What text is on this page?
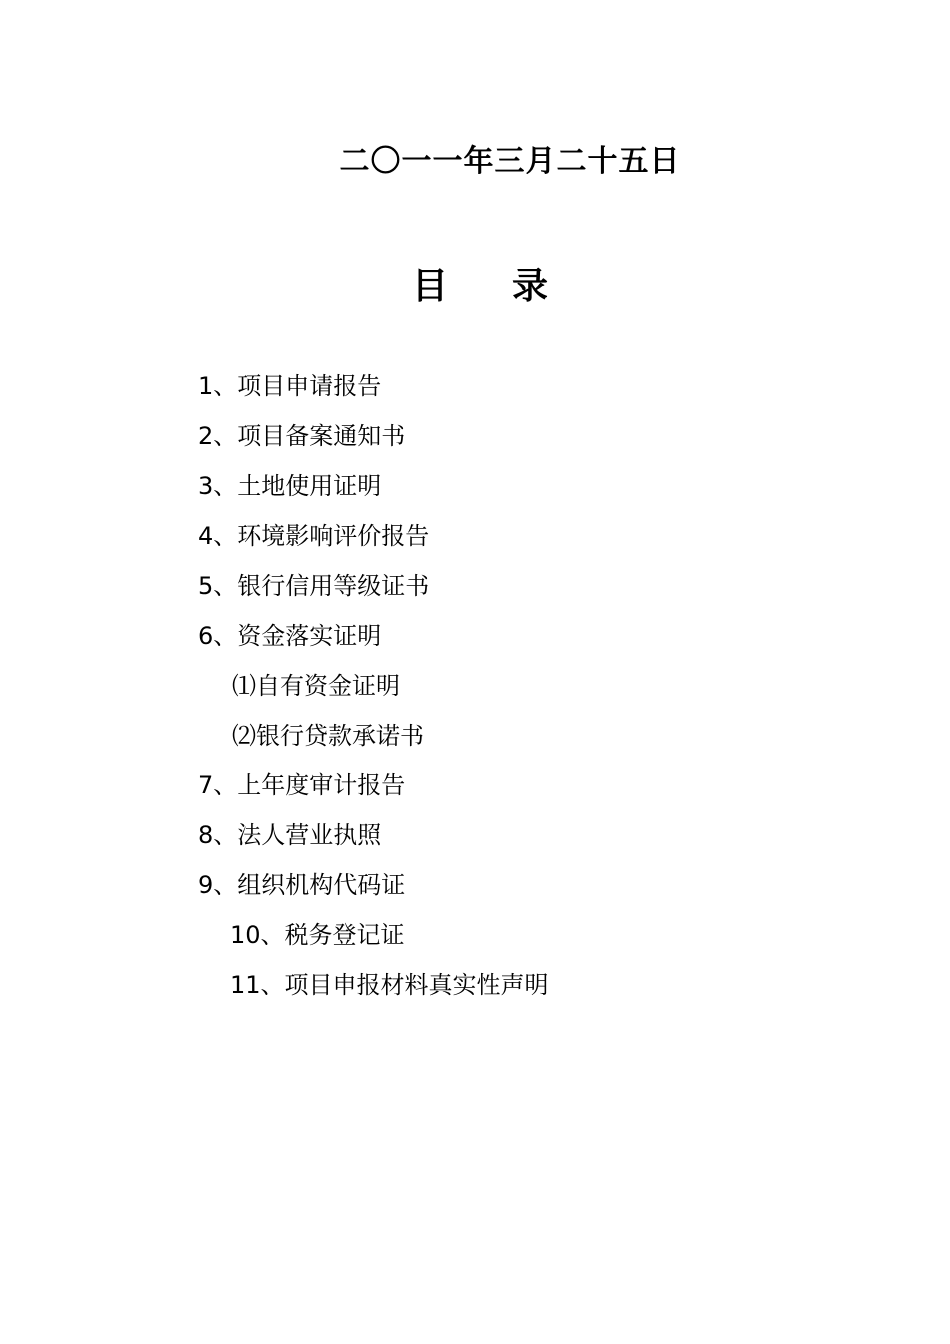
二〇一一年三月二十五日
目录
1、项目申请报告
2、项目备案通知书
3、土地使用证明
4、环境影响评价报告
5、银行信用等级证书
6、资金落实证明
⑴自有资金证明
⑵银行贷款承诺书
7、上年度审计报告
8、法人营业执照
9、组织机构代码证
10、税务登记证
11、项目申报材料真实性声明
